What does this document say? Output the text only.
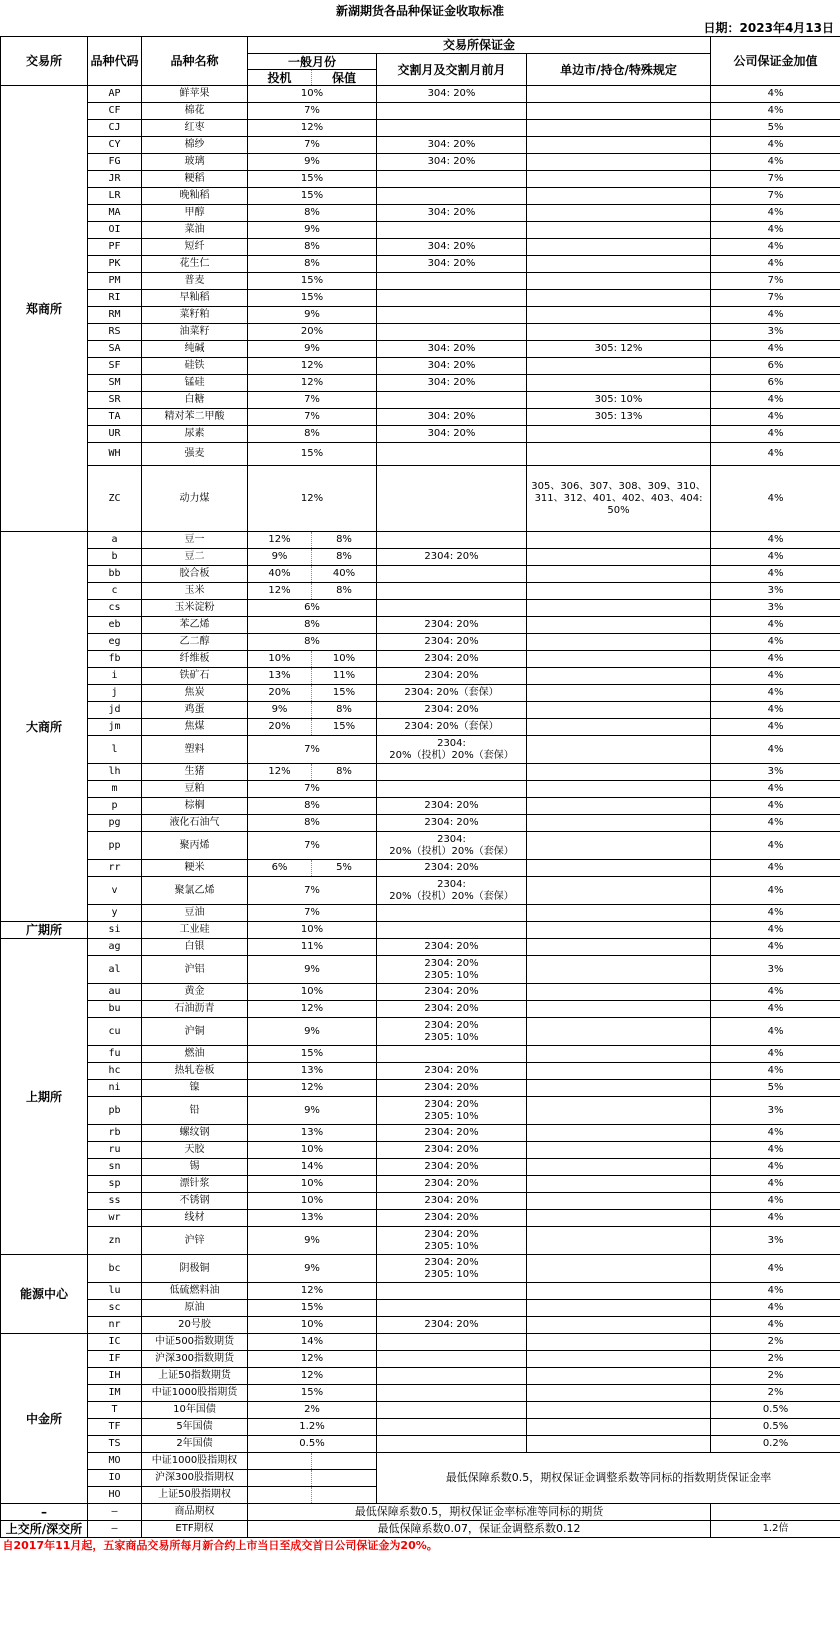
新湖期货各品种保证金收取标准
日期：2023年4月13日
交易所	品种代码	品种名称	交易所保证金				公司保证金加值
			一般月份		交割月及交割月前月	单边市/持仓/特殊规定	
			投机	保值			
郑商所	AP	鲜苹果	10%		304: 20%		4%
	CF	棉花	7%				4%
	CJ	红枣	12%				5%
	CY	棉纱	7%		304: 20%		4%
	FG	玻璃	9%		304: 20%		4%
	JR	粳稻	15%				7%
	LR	晚籼稻	15%				7%
	MA	甲醇	8%		304: 20%		4%
	OI	菜油	9%				4%
	PF	短纤	8%		304: 20%		4%
	PK	花生仁	8%		304: 20%		4%
	PM	普麦	15%				7%
	RI	早籼稻	15%				7%
	RM	菜籽粕	9%				4%
	RS	油菜籽	20%				3%
	SA	纯碱	9%		304: 20%	305: 12%	4%
	SF	硅铁	12%		304: 20%		6%
	SM	锰硅	12%		304: 20%		6%
	SR	白糖	7%			305: 10%	4%
	TA	精对苯二甲酸	7%		304: 20%	305: 13%	4%
	UR	尿素	8%		304: 20%		4%
	WH	强麦	15%				4%
	ZC	动力煤	12%			305、306、307、308、309、310、311、312、401、402、403、404: 50%	4%
大商所	a	豆一	12%	8%			4%
	b	豆二	9%	8%	2304: 20%		4%
	bb	胶合板	40%	40%			4%
	c	玉米	12%	8%			3%
	cs	玉米淀粉	6%				3%
	eb	苯乙烯	8%		2304: 20%		4%
	eg	乙二醇	8%		2304: 20%		4%
	fb	纤维板	10%	10%	2304: 20%		4%
	i	铁矿石	13%	11%	2304: 20%		4%
	j	焦炭	20%	15%	2304: 20%（套保）		4%
	jd	鸡蛋	9%	8%	2304: 20%		4%
	jm	焦煤	20%	15%	2304: 20%（套保）		4%
	l	塑料	7%		2304:
20%（投机）20%（套保）		4%
	lh	生猪	12%	8%			3%
	m	豆粕	7%				4%
	p	棕榈	8%		2304: 20%		4%
	pg	液化石油气	8%		2304: 20%		4%
	pp	聚丙烯	7%		2304:
20%（投机）20%（套保）		4%
	rr	粳米	6%	5%	2304: 20%		4%
	v	聚氯乙烯	7%		2304:
20%（投机）20%（套保）		4%
	y	豆油	7%				4%
广期所	si	工业硅	10%				4%
上期所	ag	白银	11%		2304: 20%		4%
	al	沪铝	9%		2304: 20%
2305: 10%		3%
	au	黄金	10%		2304: 20%		4%
	bu	石油沥青	12%		2304: 20%		4%
	cu	沪铜	9%		2304: 20%
2305: 10%		4%
	fu	燃油	15%				4%
	hc	热轧卷板	13%		2304: 20%		4%
	ni	镍	12%		2304: 20%		5%
	pb	铅	9%		2304: 20%
2305: 10%		3%
	rb	螺纹钢	13%		2304: 20%		4%
	ru	天胶	10%		2304: 20%		4%
	sn	锡	14%		2304: 20%		4%
	sp	漂针浆	10%		2304: 20%		4%
	ss	不锈钢	10%		2304: 20%		4%
	wr	线材	13%		2304: 20%		4%
	zn	沪锌	9%		2304: 20%
2305: 10%		3%
能源中心	bc	阴极铜	9%		2304: 20%
2305: 10%		4%
	lu	低硫燃料油	12%				4%
	sc	原油	15%				4%
	nr	20号胶	10%		2304: 20%		4%
中金所	IC	中证500指数期货	14%				2%
	IF	沪深300指数期货	12%				2%
	IH	上证50指数期货	12%				2%
	IM	中证1000股指期货	15%				2%
	T	10年国债	2%				0.5%
	TF	5年国债	1.2%				0.5%
	TS	2年国债	0.5%				0.2%
	MO	中证1000股指期权			最低保障系数0.5，期权保证金调整系数等同标的指数期货保证金率		
	IO	沪深300股指期权					
	HO	上证50股指期权					
–	–	商品期权	最低保障系数0.5，期权保证金率标准等同标的期货				
上交所/深交所	–	ETF期权	最低保障系数0.07，保证金调整系数0.12				1.2倍
自2017年11月起，五家商品交易所每月新合约上市当日至成交首日公司保证金为20%。							
